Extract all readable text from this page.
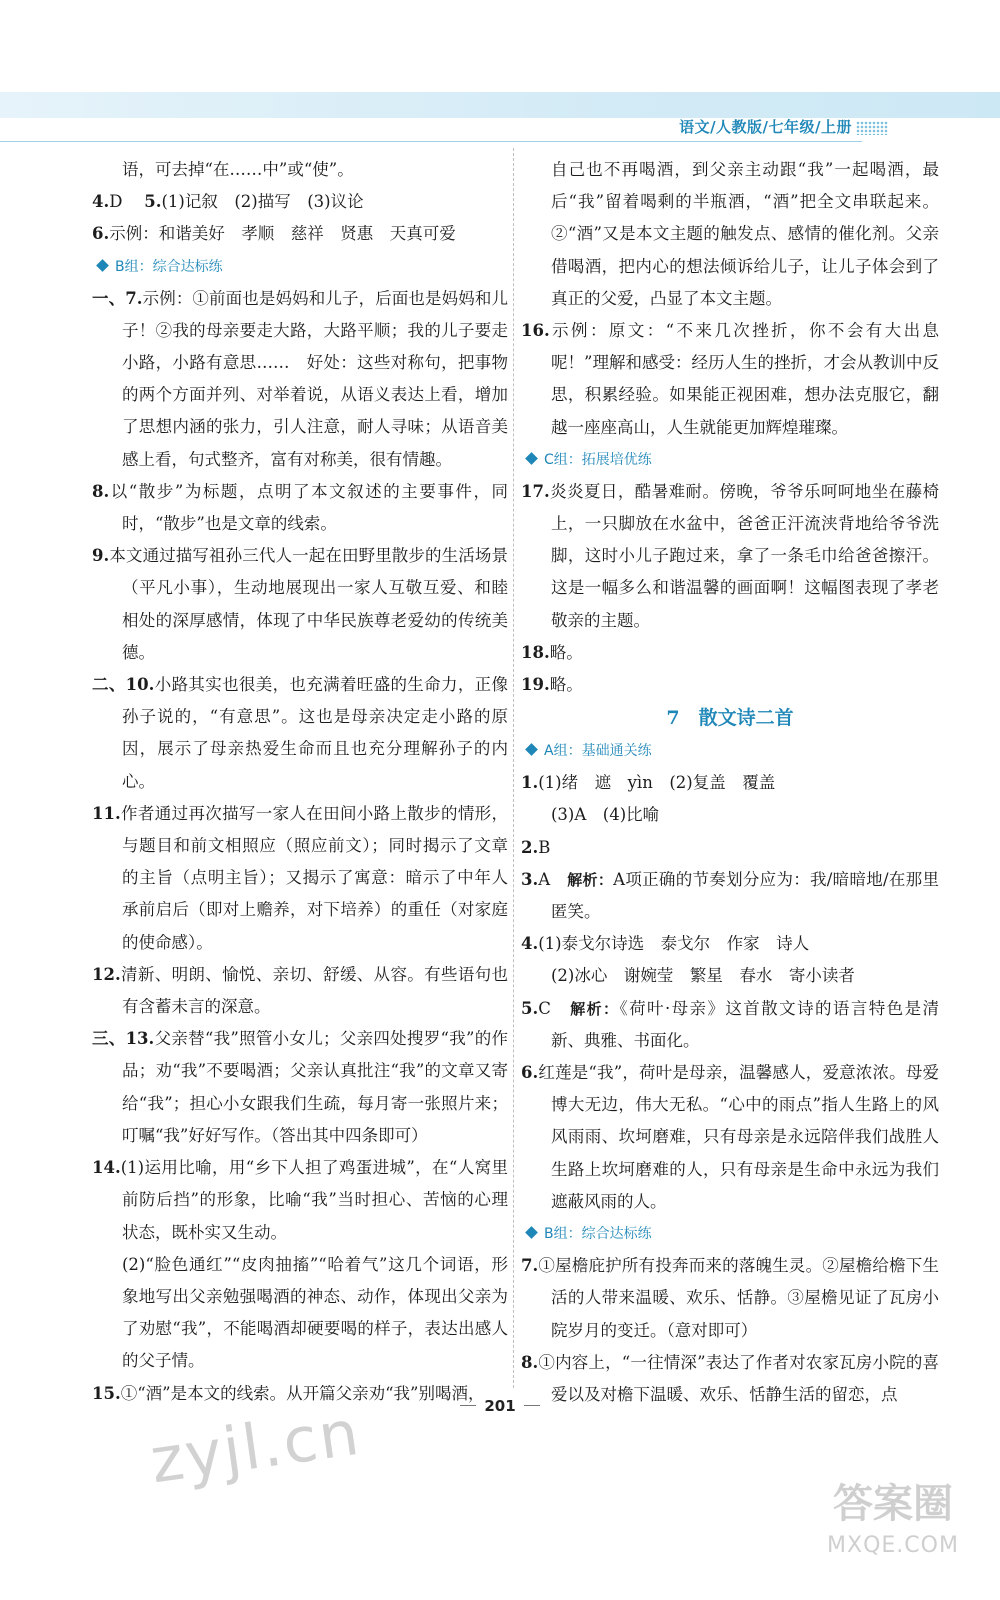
语文/人教版/七年级/上册
语，可去掉“在……中”或“使”。
4.D　 5.(1)记叙　(2)描写　(3)议论
6.示例：和谐美好　孝顺　慈祥　贤惠　天真可爱
B组：综合达标练
一、7.示例：①前面也是妈妈和儿子，后面也是妈妈和儿子！②我的母亲要走大路，大路平顺；我的儿子要走小路，小路有意思……　好处：这些对称句，把事物的两个方面并列、对举着说，从语义表达上看，增加了思想内涵的张力，引人注意，耐人寻味；从语音美感上看，句式整齐，富有对称美，很有情趣。
8.以“散步”为标题，点明了本文叙述的主要事件，同时，“散步”也是文章的线索。
9.本文通过描写祖孙三代人一起在田野里散步的生活场景（平凡小事），生动地展现出一家人互敬互爱、和睦相处的深厚感情，体现了中华民族尊老爱幼的传统美德。
二、10.小路其实也很美，也充满着旺盛的生命力，正像孙子说的，“有意思”。这也是母亲决定走小路的原因，展示了母亲热爱生命而且也充分理解孙子的内心。
11.作者通过再次描写一家人在田间小路上散步的情形，与题目和前文相照应（照应前文）；同时揭示了文章的主旨（点明主旨）；又揭示了寓意：暗示了中年人承前启后（即对上赡养，对下培养）的重任（对家庭的使命感）。
12.清新、明朗、愉悦、亲切、舒缓、从容。有些语句也有含蓄未言的深意。
三、13.父亲替“我”照管小女儿；父亲四处搜罗“我”的作品；劝“我”不要喝酒；父亲认真批注“我”的文章又寄给“我”；担心小女跟我们生疏，每月寄一张照片来；叮嘱“我”好好写作。（答出其中四条即可）
14.(1)运用比喻，用“乡下人担了鸡蛋进城”，在“人窝里前防后挡”的形象，比喻“我”当时担心、苦恼的心理状态，既朴实又生动。
(2)“脸色通红”“皮肉抽搐”“哈着气”这几个词语，形象地写出父亲勉强喝酒的神态、动作，体现出父亲为了劝慰“我”，不能喝酒却硬要喝的样子，表达出感人的父子情。
15.①“酒”是本文的线索。从开篇父亲劝“我”别喝酒，
自己也不再喝酒，到父亲主动跟“我”一起喝酒，最后“我”留着喝剩的半瓶酒，“酒”把全文串联起来。②“酒”又是本文主题的触发点、感情的催化剂。父亲借喝酒，把内心的想法倾诉给儿子，让儿子体会到了真正的父爱，凸显了本文主题。
16.示例：原文：“不来几次挫折，你不会有大出息呢！”理解和感受：经历人生的挫折，才会从教训中反思，积累经验。如果能正视困难，想办法克服它，翻越一座座高山，人生就能更加辉煌璀璨。
C组：拓展培优练
17.炎炎夏日，酷暑难耐。傍晚，爷爷乐呵呵地坐在藤椅上，一只脚放在水盆中，爸爸正汗流浃背地给爷爷洗脚，这时小儿子跑过来，拿了一条毛巾给爸爸擦汗。这是一幅多么和谐温馨的画面啊！这幅图表现了孝老敬亲的主题。
18.略。
19.略。
7　散文诗二首
A组：基础通关练
1.(1)绪　遮　yìn　(2)复盖　覆盖
(3)A　(4)比喻
2.B
3.A　解析：A项正确的节奏划分应为：我/暗暗地/在那里匿笑。
4.(1)泰戈尔诗选　泰戈尔　作家　诗人
(2)冰心　谢婉莹　繁星　春水　寄小读者
5.C　解析：《荷叶·母亲》这首散文诗的语言特色是清新、典雅、书面化。
6.红莲是“我”，荷叶是母亲，温馨感人，爱意浓浓。母爱博大无边，伟大无私。“心中的雨点”指人生路上的风风雨雨、坎坷磨难，只有母亲是永远陪伴我们战胜人生路上坎坷磨难的人，只有母亲是生命中永远为我们遮蔽风雨的人。
B组：综合达标练
7.①屋檐庇护所有投奔而来的落魄生灵。②屋檐给檐下生活的人带来温暖、欢乐、恬静。③屋檐见证了瓦房小院岁月的变迁。（意对即可）
8.①内容上，“一往情深”表达了作者对农家瓦房小院的喜爱以及对檐下温暖、欢乐、恬静生活的留恋，点
201
zyjl.cn
答案圈
MXQE.COM
